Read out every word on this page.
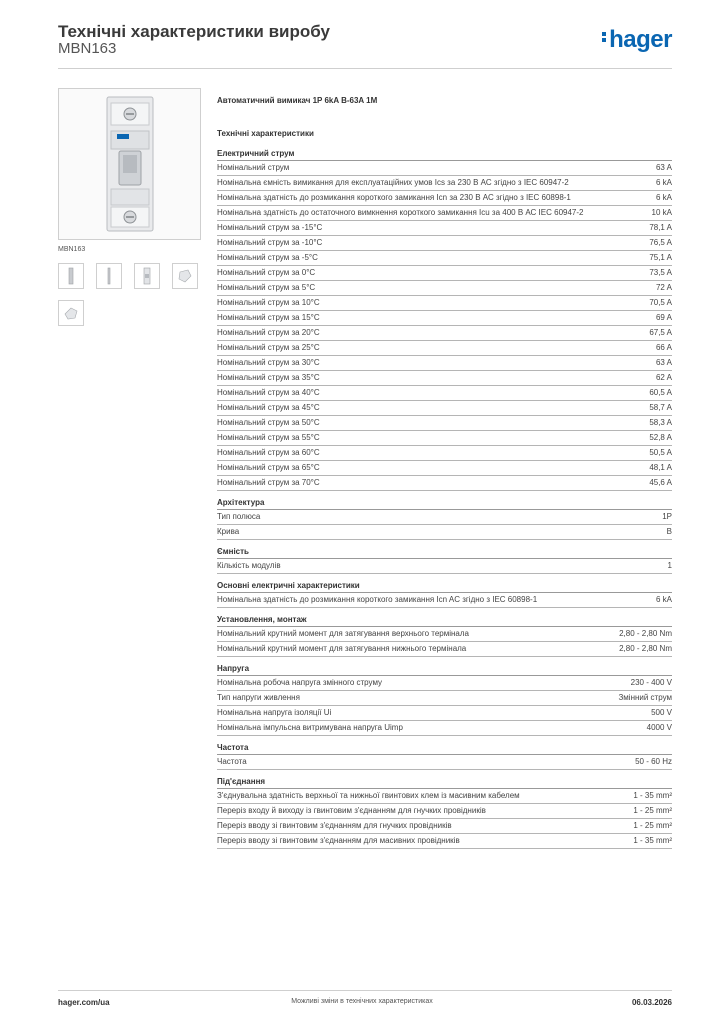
Технічні характеристики виробу
MBN163	hager
MBN163
Автоматичний вимикач 1P 6kA B-63A 1M
Технічні характеристики
Електричний струм
Номінальний струм	63 A
Номінальна ємність вимикання для експлуатаційних умов Ics за 230 В АС згідно з IEC 60947-2	6 kA
Номінальна здатність до розмикання короткого замикання Icn за 230 В АС згідно з IEC 60898-1	6 kA
Номінальна здатність до остаточного вимкнення короткого замикання Icu за 400 В АС IEC 60947-2	10 kA
Номінальний струм за -15°C	78,1 A
Номінальний струм за -10°C	76,5 A
Номінальний струм за -5°C	75,1 A
Номінальний струм за 0°C	73,5 A
Номінальний струм за 5°C	72 A
Номінальний струм за 10°C	70,5 A
Номінальний струм за 15°C	69 A
Номінальний струм за 20°C	67,5 A
Номінальний струм за 25°C	66 A
Номінальний струм за 30°C	63 A
Номінальний струм за 35°C	62 A
Номінальний струм за 40°C	60,5 A
Номінальний струм за 45°C	58,7 A
Номінальний струм за 50°C	58,3 A
Номінальний струм за 55°C	52,8 A
Номінальний струм за 60°C	50,5 A
Номінальний струм за 65°C	48,1 A
Номінальний струм за 70°C	45,6 A
Архітектура
Тип полюса	1P
Крива	B
Ємність
Кількість модулів	1
Основні електричні характеристики
Номінальна здатність до розмикання короткого замикання Icn AC згідно з IEC 60898-1	6 kA
Установлення, монтаж
Номінальний крутний момент для затягування верхнього термінала	2,80 - 2,80 Nm
Номінальний крутний момент для затягування нижнього термінала	2,80 - 2,80 Nm
Напруга
Номінальна робоча напруга змінного струму	230 - 400 V
Тип напруги живлення	Змінний струм
Номінальна напруга ізоляції Ui	500 V
Номінальна імпульсна витримувана напруга Uimp	4000 V
Частота
Частота	50 - 60 Hz
Під'єднання
З'єднувальна здатність верхньої та нижньої гвинтових клем із масивним кабелем	1 - 35 mm²
Переріз входу й виходу із гвинтовим з'єднанням для гнучких провідників	1 - 25 mm²
Переріз вводу зі гвинтовим з'єднанням для гнучких провідників	1 - 25 mm²
Переріз вводу зі гвинтовим з'єднанням для масивних провідників	1 - 35 mm²
hager.com/ua	Можливі зміни в технічних характеристиках	06.03.2026
